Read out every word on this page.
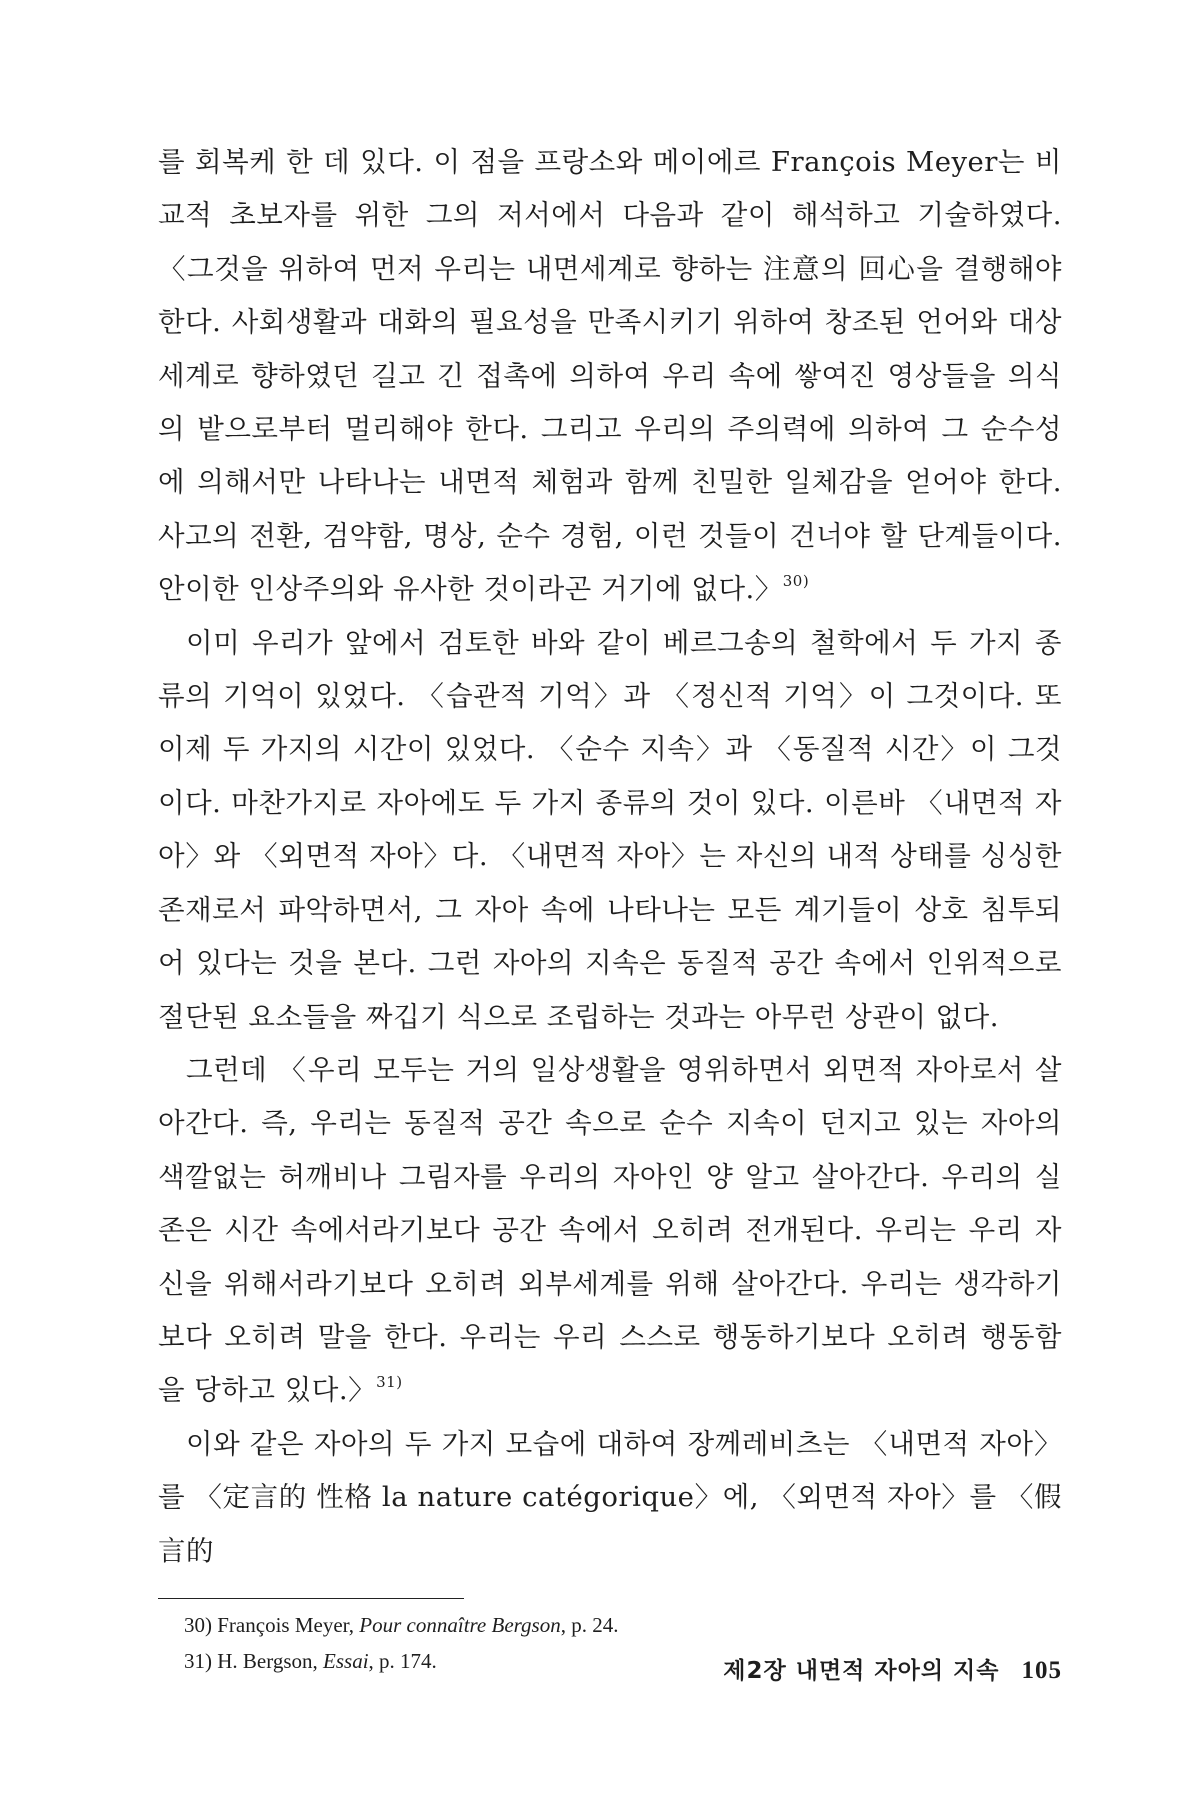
를 회복케 한 데 있다. 이 점을 프랑소와 메이에르 François Meyer는 비교적 초보자를 위한 그의 저서에서 다음과 같이 해석하고 기술하였다. 〈그것을 위하여 먼저 우리는 내면세계로 향하는 注意의 回心을 결행해야 한다. 사회생활과 대화의 필요성을 만족시키기 위하여 창조된 언어와 대상세계로 향하였던 길고 긴 접촉에 의하여 우리 속에 쌓여진 영상들을 의식의 밭으로부터 멀리해야 한다. 그리고 우리의 주의력에 의하여 그 순수성에 의해서만 나타나는 내면적 체험과 함께 친밀한 일체감을 얻어야 한다. 사고의 전환, 검약함, 명상, 순수 경험, 이런 것들이 건너야 할 단계들이다. 안이한 인상주의와 유사한 것이라곤 거기에 없다.〉$^{30)}$

이미 우리가 앞에서 검토한 바와 같이 베르그송의 철학에서 두 가지 종류의 기억이 있었다. 〈습관적 기억〉과 〈정신적 기억〉이 그것이다. 또 이제 두 가지의 시간이 있었다. 〈순수 지속〉과 〈동질적 시간〉이 그것이다. 마찬가지로 자아에도 두 가지 종류의 것이 있다. 이른바 〈내면적 자아〉와 〈외면적 자아〉다. 〈내면적 자아〉는 자신의 내적 상태를 싱싱한 존재로서 파악하면서, 그 자아 속에 나타나는 모든 계기들이 상호 침투되어 있다는 것을 본다. 그런 자아의 지속은 동질적 공간 속에서 인위적으로 절단된 요소들을 짜깁기 식으로 조립하는 것과는 아무런 상관이 없다.

그런데 〈우리 모두는 거의 일상생활을 영위하면서 외면적 자아로서 살아간다. 즉, 우리는 동질적 공간 속으로 순수 지속이 던지고 있는 자아의 색깔없는 허깨비나 그림자를 우리의 자아인 양 알고 살아간다. 우리의 실존은 시간 속에서라기보다 공간 속에서 오히려 전개된다. 우리는 우리 자신을 위해서라기보다 오히려 외부세계를 위해 살아간다. 우리는 생각하기보다 오히려 말을 한다. 우리는 우리 스스로 행동하기보다 오히려 행동함을 당하고 있다.〉$^{31)}$

이와 같은 자아의 두 가지 모습에 대하여 장께레비츠는 〈내면적 자아〉를 〈定言的 性格 la nature catégorique〉에, 〈외면적 자아〉를 〈假言的

30) François Meyer, Pour connaître Bergson, p. 24.
31) H. Bergson, Essai, p. 174.	제2장 내면적 자아의 지속 105
